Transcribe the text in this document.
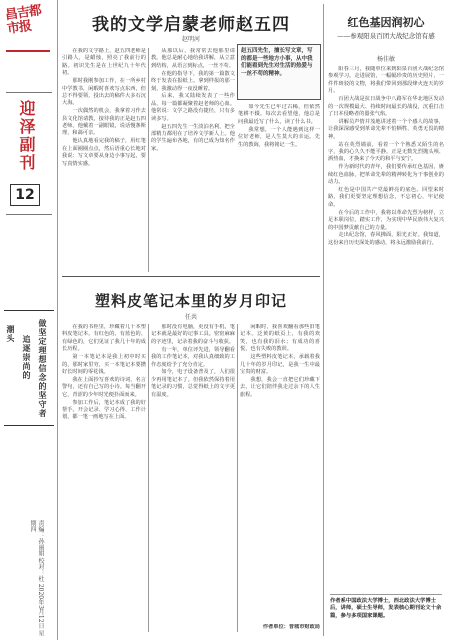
昌吉都市报
迎泽副刊
12
做坚定理想信念的坚守者
追逐崇尚的
潮头
责编：孙丽娟 校对：杜 2020年3月12日 星期四
我的文学启蒙老师赵五四
赵明河

在我的文学路上，赵五四老师是引路人，是蜡烛，照亮了我前行的路。初识先生是在上世纪九十年代初。

那时我刚参加工作，在一所乡村中学教书，闲暇时喜欢写点东西，但总不得要领，投出去的稿件大多石沉大海。

一次偶然的机会，我拿着习作去县文化馆请教，接待我的正是赵五四老师。他戴着一副眼镜，说话慢条斯理，和蔼可亲。

他认真地看完我的稿子，用红笔在上面圈圈点点，然后语重心长地对我说：写文章要从身边小事写起，要写真情实感。

从那以后，我常常去他那里请教。他总是耐心地给我讲解，从立意到结构，从语言到标点，一丝不苟。

在他的指导下，我的第一篇散文终于发表在报纸上。拿到样报的那一刻，我激动得一夜没睡着。

后来，我又陆续发表了一些作品，每一篇都凝聚着赵老师的心血。他常说：文学之路没有捷径，只有多读多写。

赵五四先生一生淡泊名利，把全部精力都用在了培养文学新人上。他的学生遍布各地，有的已成为知名作家。

赵五四先生，擅长写文章，写的都是一些地方小事，从中我们能看到先生对生活的热爱与一丝不苟的精神。

如今先生已年过古稀，但依然笔耕不辍。每次去看望他，他总是问我最近写了什么，读了什么书。

我常想，一个人能遇到这样一位好老师，是人生莫大的幸运。先生的教诲，我将铭记一生。

红色基因润初心
——参观阳泉百团大战纪念馆有感
杨佳敏

阳春三月，我随单位来到阳泉百团大战纪念馆参观学习。走进展馆，一幅幅珍贵的历史照片、一件件斑驳的文物，将我们带回到那段烽火连天的岁月。

百团大战是抗日战争中八路军在华北地区发动的一次规模最大、持续时间最长的战役，沉重打击了日本侵略者的嚣张气焰。

讲解员声情并茂地讲述着一个个感人的故事，让我深深感受到革命先辈不怕牺牲、英勇无畏的精神。

站在英烈墙前，看着一个个熟悉又陌生的名字，我的心久久不能平静。正是无数先烈抛头颅、洒热血，才换来了今天的和平与安宁。

作为新时代的青年，我们要传承红色基因，赓续红色血脉，把革命先辈的精神转化为干事创业的动力。

红色是中国共产党最鲜亮的底色。回望来时路，我们更要坚定理想信念，不忘初心，牢记使命。

在今后的工作中，我将以革命先烈为榜样，立足本职岗位，踏实工作，为实现中华民族伟大复兴的中国梦贡献自己的力量。

走出纪念馆，春风拂面，阳光正好。我知道，这份来自历史深处的感动，将永远激励我前行。

作者系中国政法大学博士，西北政法大学博士后，讲师，硕士生导师，发表核心期刊论文十余篇，参与多项国家课题。
塑料皮笔记本里的岁月印记
任共

在我的书柜里，珍藏着几十本塑料皮笔记本。有红色的、有蓝色的、有绿色的，它们见证了我几十年的成长历程。

第一本笔记本是我上初中时买的，那时家里穷，买一本笔记本要攒好长时间的零花钱。

我在上面抄写喜欢的诗词、名言警句，还有自己写的小诗。每当翻开它，青涩的少年时光便扑面而来。

参加工作后，笔记本成了我的好帮手。开会记录、学习心得、工作计划，都一笔一画地写在上面。

那时没有电脑，更没有手机，笔记本就是最好的记事工具。密密麻麻的字迹里，记录着我的奋斗与收获。

有一年，单位评先进，领导翻看我的工作笔记本，对我认真细致的工作态度给予了充分肯定。

如今，电子设备普及了，人们很少再用笔记本了。但我依然保持着用笔记录的习惯，总觉得纸上的文字更有温度。

闲暇时，我喜欢翻看那些旧笔记本。泛黄的纸页上，有我的欢笑，也有我的泪水；有成功的喜悦，也有失败的教训。

这些塑料皮笔记本，承载着我几十年的岁月印记，是我一生中最宝贵的财富。

我想，我会一直把它们珍藏下去，让它们陪伴我走过余下的人生旅程。

作者单位：晋城市财政局
